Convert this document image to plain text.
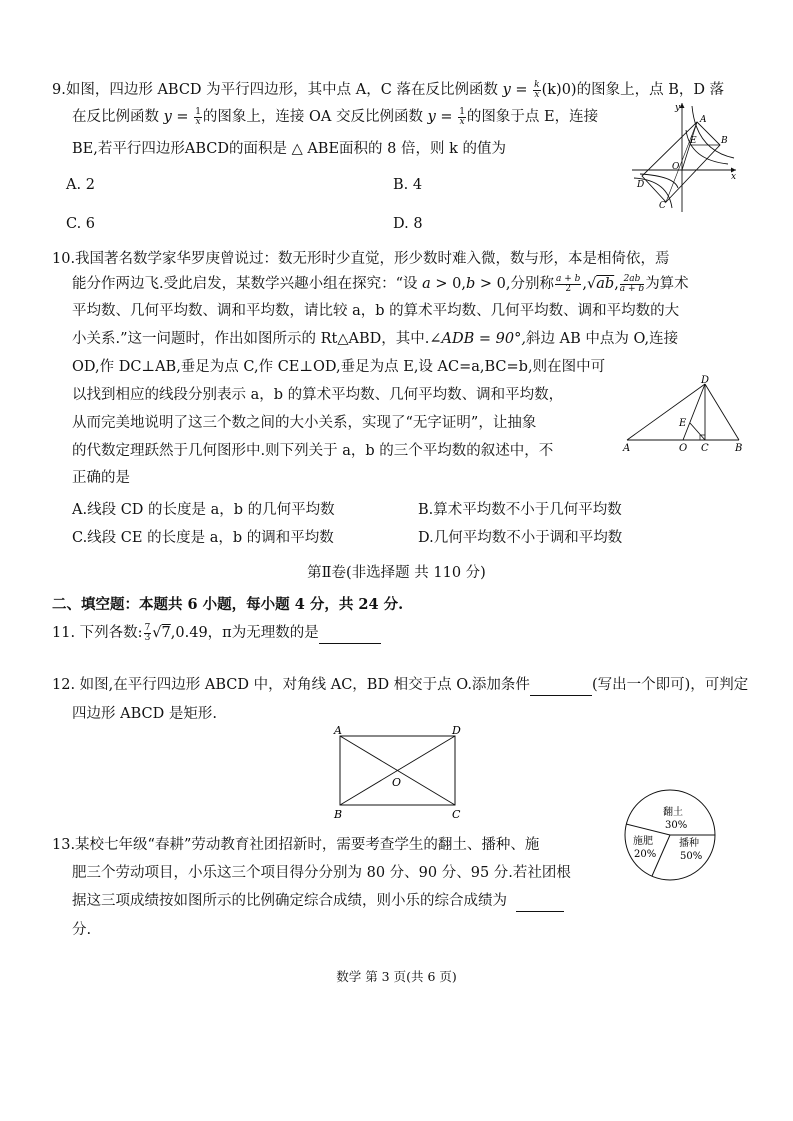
9.如图，四边形 ABCD 为平行四边形，其中点 A，C 落在反比例函数 $y = \frac{k}{x} (k)0$)的图象上，点 B，D 落
在反比例函数 $y = \frac{1}{x}$ 的图象上，连接 OA 交反比例函数 $y = \frac{1}{x}$ 的图象于点 E，连接
BE,若平行四边形ABCD的面积是 △ ABE面积的 8 倍，则 k 的值为
A. 2	B. 4
C. 6	D. 8
y
A
B
E
O
D
C
x
10.我国著名数学家华罗庚曾说过：数无形时少直觉，形少数时难入微，数与形，本是相倚依，焉
能分作两边飞.受此启发，某数学兴趣小组在探究：“设 a > 0,b > 0,分别称 $\frac{a + b}{2} ,√ab$, $\frac{2ab}{a + b}$ 为算术
平均数、几何平均数、调和平均数，请比较 a，b 的算术平均数、几何平均数、调和平均数的大
小关系.”这一问题时，作出如图所示的 Rt△ABD，其中.∠ADB = 90°,斜边 AB 中点为 O,连接
OD,作 DC⊥AB,垂足为点 C,作 CE⊥OD,垂足为点 E,设 AC=a,BC=b,则在图中可
以找到相应的线段分别表示 a，b 的算术平均数、几何平均数、调和平均数，
从而完美地说明了这三个数之间的大小关系，实现了“无字证明”，让抽象
的代数定理跃然于几何图形中.则下列关于 a，b 的三个平均数的叙述中，不
正确的是
D
E
A	O C	B
A.线段 CD 的长度是 a，b 的几何平均数	B.算术平均数不小于几何平均数
C.线段 CE 的长度是 a，b 的调和平均数	D.几何平均数不小于调和平均数
第Ⅱ卷(非选择题 共 110 分)
二、填空题：本题共 6 小题，每小题 4 分，共 24 分.
11. 下列各数: $\frac{7}{3} √7,0.49$，π为无理数的是
12. 如图,在平行四边形 ABCD 中，对角线 AC，BD 相交于点 O.添加条件	(写出一个即可)，可判定
四边形 ABCD 是矩形.
A	D
O
B	C
13.某校七年级“春耕”劳动教育社团招新时，需要考查学生的翻土、播种、施
肥三个劳动项目，小乐这三个项目得分分别为 80 分、90 分、95 分.若社团根
据这三项成绩按如图所示的比例确定综合成绩，则小乐的综合成绩为
分.
翻土
30%
播种
50%
施肥
20%
数学 第 3 页(共 6 页)
